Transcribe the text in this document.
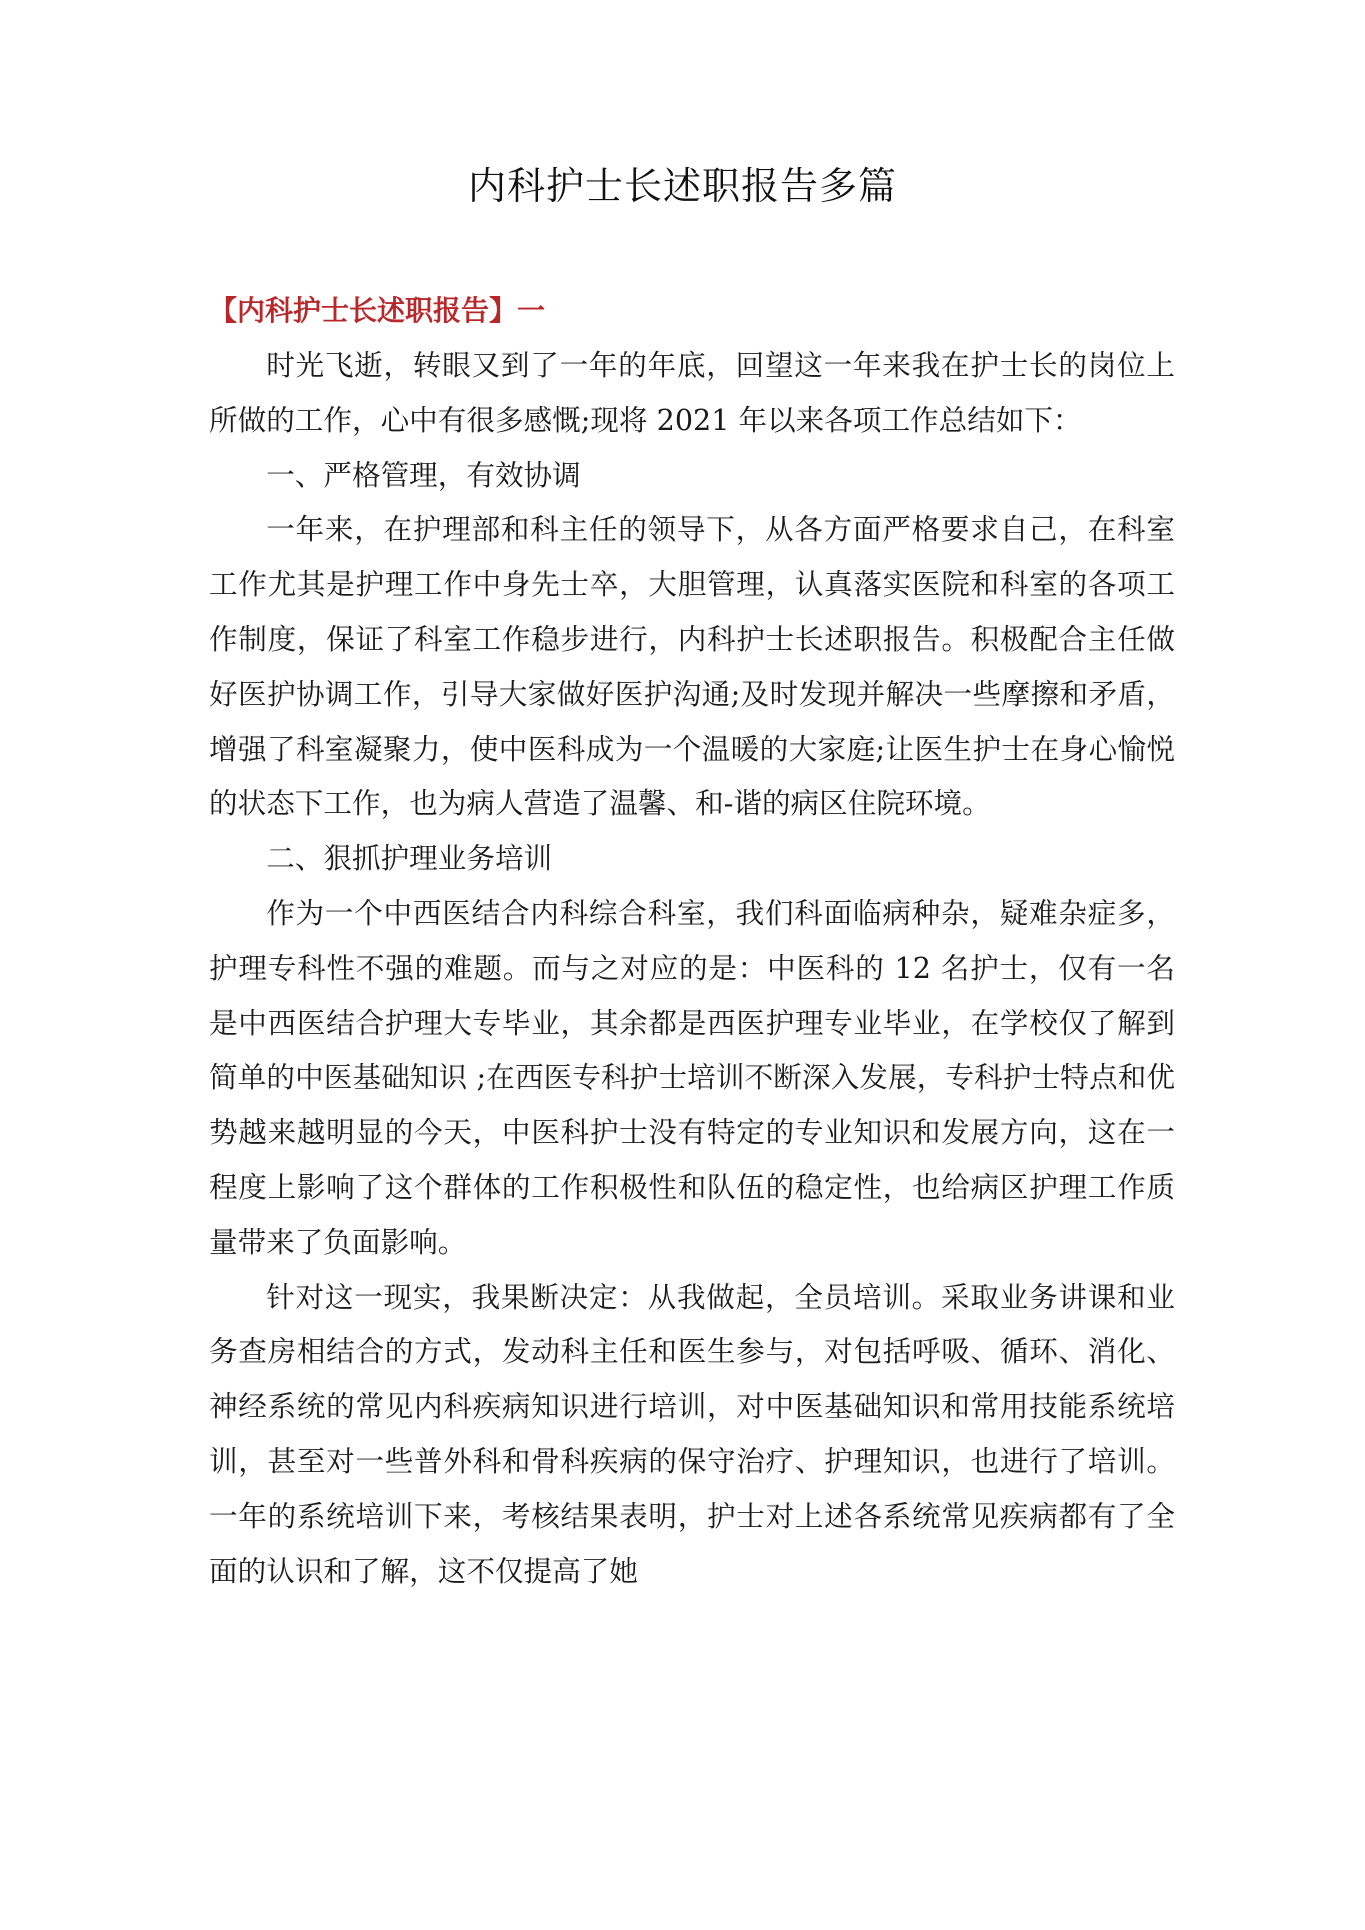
内科护士长述职报告多篇

【内科护士长述职报告】一

时光飞逝，转眼又到了一年的年底，回望这一年来我在护士长的岗位上所做的工作，心中有很多感慨;现将 2021 年以来各项工作总结如下：

一、严格管理，有效协调

一年来，在护理部和科主任的领导下，从各方面严格要求自己，在科室工作尤其是护理工作中身先士卒，大胆管理，认真落实医院和科室的各项工作制度，保证了科室工作稳步进行，内科护士长述职报告。积极配合主任做好医护协调工作，引导大家做好医护沟通;及时发现并解决一些摩擦和矛盾，增强了科室凝聚力，使中医科成为一个温暖的大家庭;让医生护士在身心愉悦的状态下工作，也为病人营造了温馨、和-谐的病区住院环境。

二、狠抓护理业务培训

作为一个中西医结合内科综合科室，我们科面临病种杂，疑难杂症多，护理专科性不强的难题。而与之对应的是：中医科的 12 名护士，仅有一名是中西医结合护理大专毕业，其余都是西医护理专业毕业，在学校仅了解到简单的中医基础知识 ;在西医专科护士培训不断深入发展，专科护士特点和优势越来越明显的今天，中医科护士没有特定的专业知识和发展方向，这在一程度上影响了这个群体的工作积极性和队伍的稳定性，也给病区护理工作质量带来了负面影响。

针对这一现实，我果断决定：从我做起，全员培训。采取业务讲课和业务查房相结合的方式，发动科主任和医生参与，对包括呼吸、循环、消化、神经系统的常见内科疾病知识进行培训，对中医基础知识和常用技能系统培训，甚至对一些普外科和骨科疾病的保守治疗、护理知识，也进行了培训。一年的系统培训下来，考核结果表明，护士对上述各系统常见疾病都有了全面的认识和了解，这不仅提高了她
